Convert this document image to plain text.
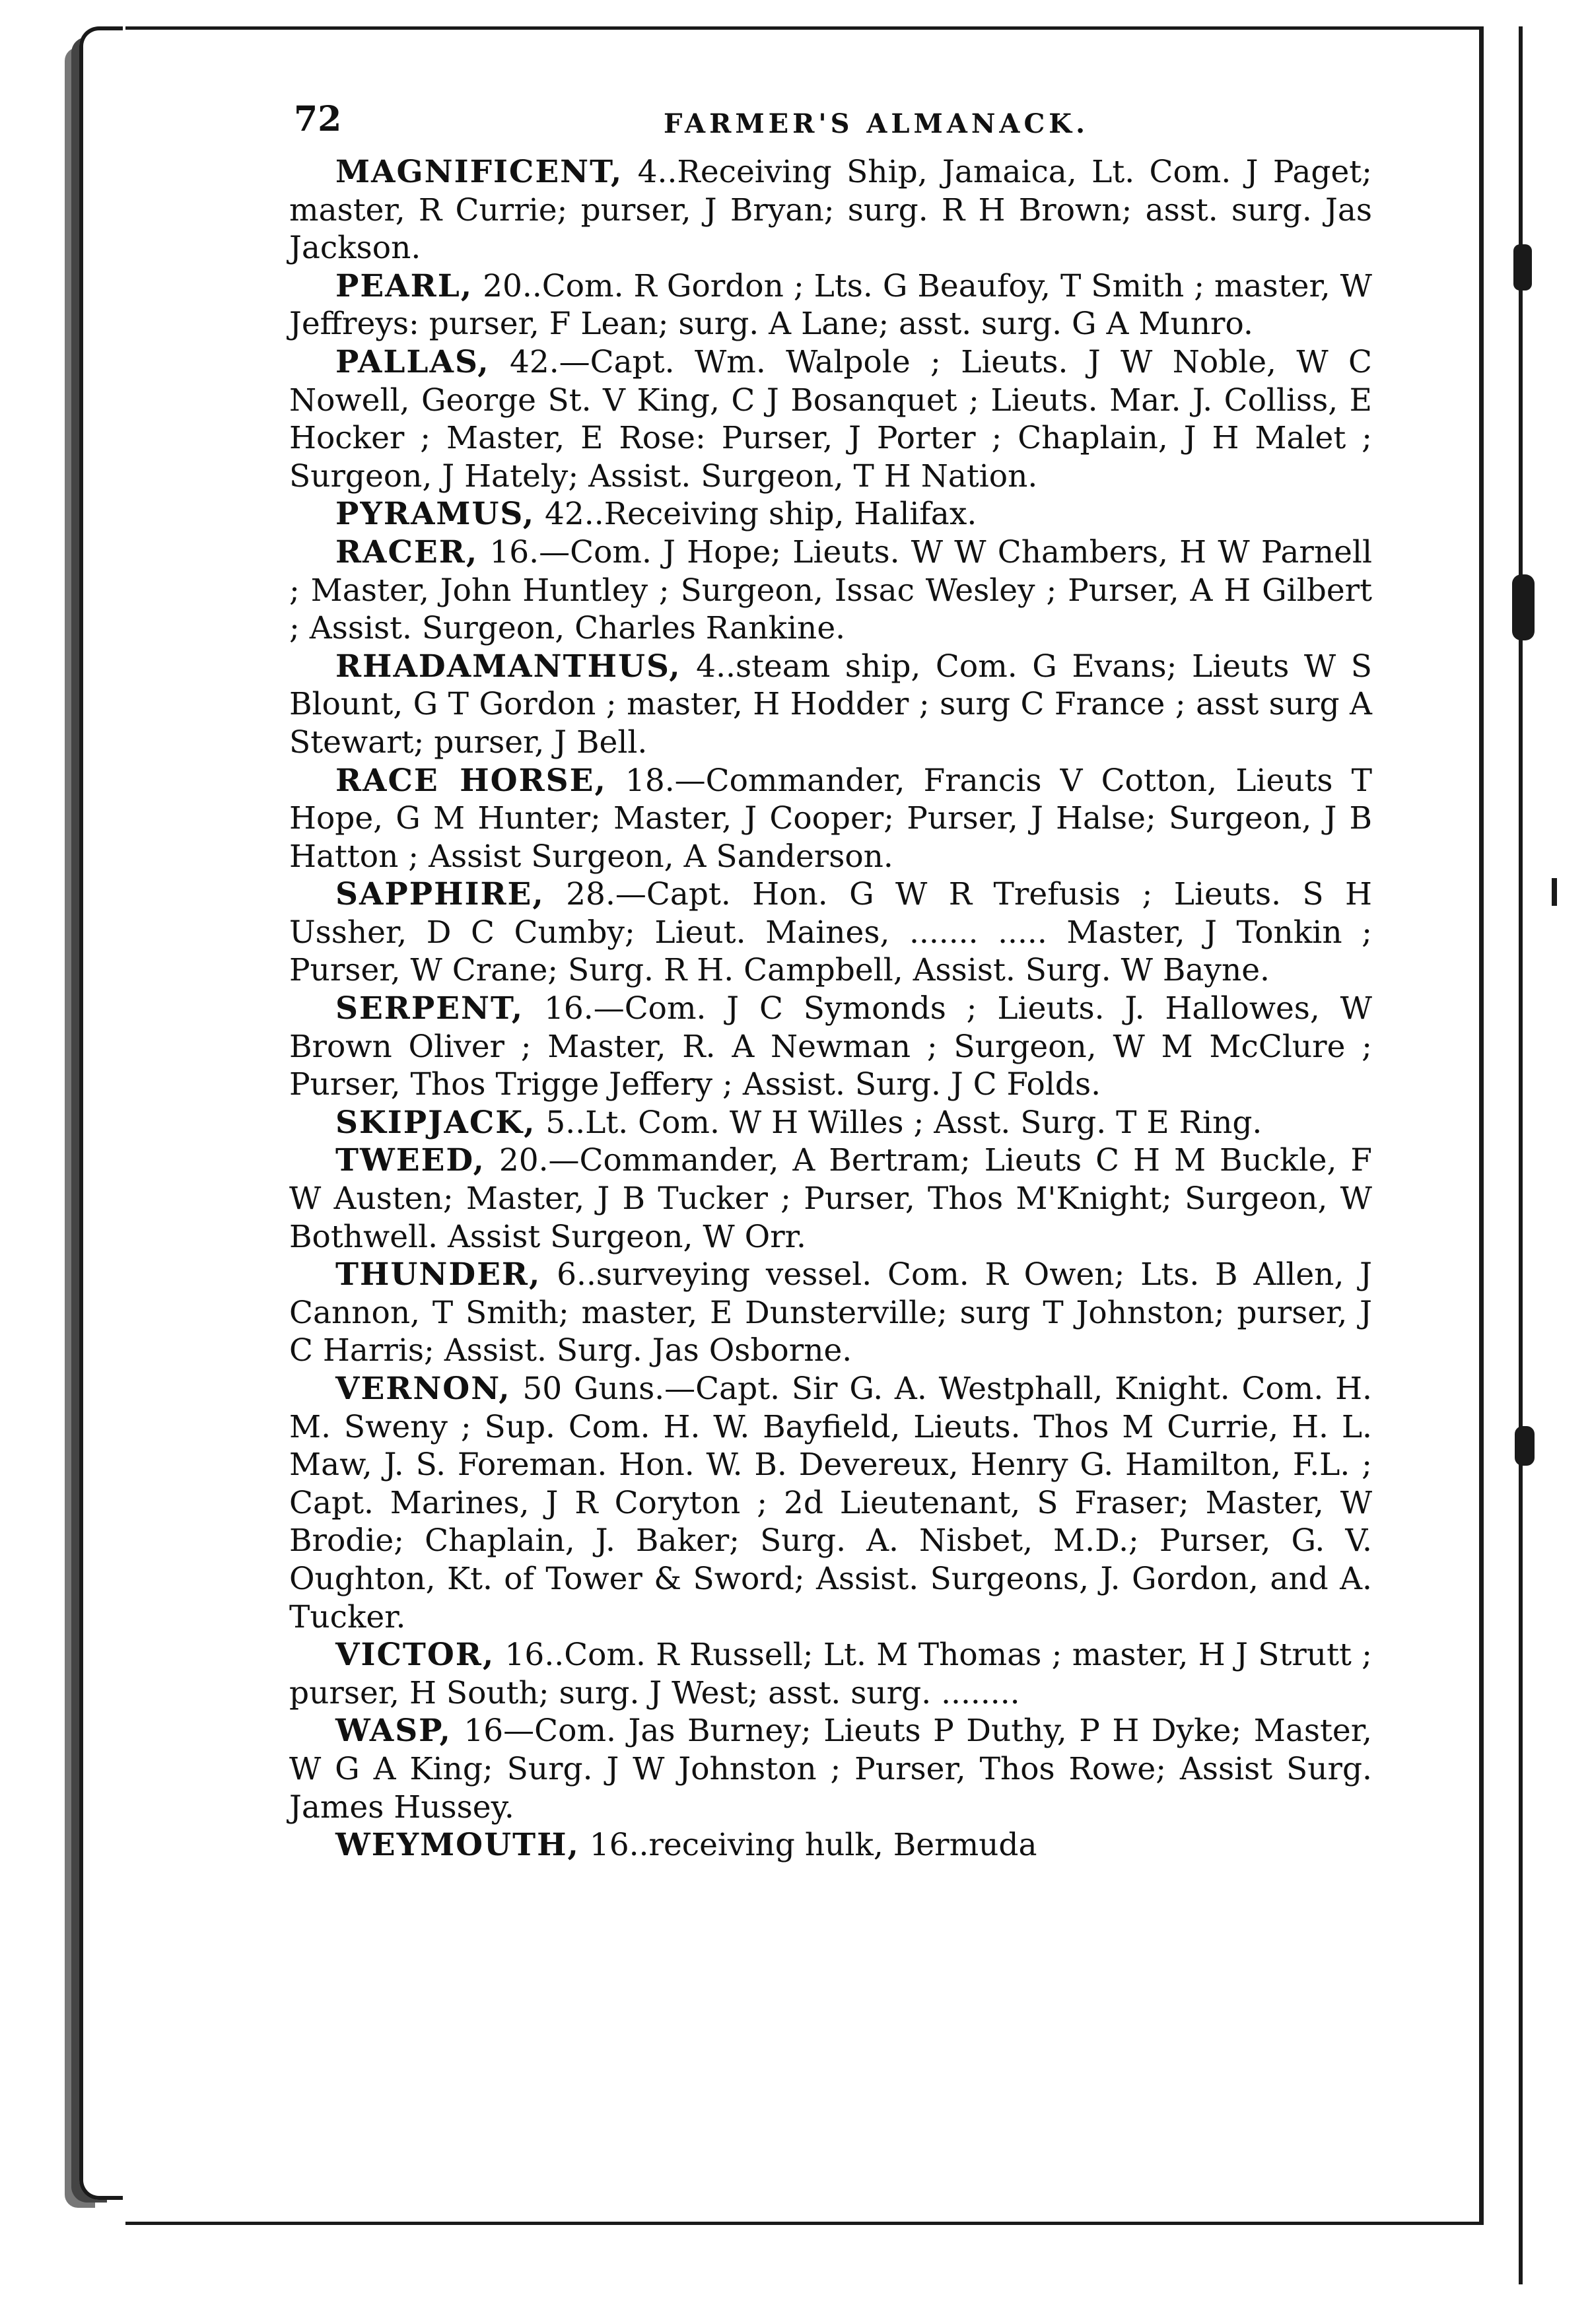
72	FARMER'S ALMANACK.

MAGNIFICENT, 4..Receiving Ship, Jamaica, Lt. Com. J Paget; master, R Currie; purser, J Bryan; surg. R H Brown; asst. surg. Jas Jackson.

PEARL, 20..Com. R Gordon ; Lts. G Beaufoy, T Smith ; master, W Jeffreys: purser, F Lean; surg. A Lane; asst. surg. G A Munro.

PALLAS, 42.—Capt. Wm. Walpole ; Lieuts. J W Noble, W C Nowell, George St. V King, C J Bosanquet ; Lieuts. Mar. J. Colliss, E Hocker ; Master, E Rose: Purser, J Porter ; Chaplain, J H Malet ; Surgeon, J Hately; Assist. Surgeon, T H Nation.

PYRAMUS, 42..Receiving ship, Halifax.

RACER, 16.—Com. J Hope; Lieuts. W W Chambers, H W Parnell ; Master, John Huntley ; Surgeon, Issac Wesley ; Purser, A H Gilbert ; Assist. Surgeon, Charles Rankine.

RHADAMANTHUS, 4..steam ship, Com. G Evans; Lieuts W S Blount, G T Gordon ; master, H Hodder ; surg C France ; asst surg A Stewart; purser, J Bell.

RACE HORSE, 18.—Commander, Francis V Cotton, Lieuts T Hope, G M Hunter; Master, J Cooper; Purser, J Halse; Surgeon, J B Hatton ; Assist Surgeon, A Sanderson.

SAPPHIRE, 28.—Capt. Hon. G W R Trefusis ; Lieuts. S H Ussher, D C Cumby; Lieut. Maines, ....... ..... Master, J Tonkin ; Purser, W Crane; Surg. R H. Campbell, Assist. Surg. W Bayne.

SERPENT, 16.—Com. J C Symonds ; Lieuts. J. Hallowes, W Brown Oliver ; Master, R. A Newman ; Surgeon, W M McClure ; Purser, Thos Trigge Jeffery ; Assist. Surg. J C Folds.

SKIPJACK, 5..Lt. Com. W H Willes ; Asst. Surg. T E Ring.

TWEED, 20.—Commander, A Bertram; Lieuts C H M Buckle, F W Austen; Master, J B Tucker ; Purser, Thos M'Knight; Surgeon, W Bothwell. Assist Surgeon, W Orr.

THUNDER, 6..surveying vessel. Com. R Owen; Lts. B Allen, J Cannon, T Smith; master, E Dunsterville; surg T Johnston; purser, J C Harris; Assist. Surg. Jas Osborne.

VERNON, 50 Guns.—Capt. Sir G. A. Westphall, Knight. Com. H. M. Sweny ; Sup. Com. H. W. Bayfield, Lieuts. Thos M Currie, H. L. Maw, J. S. Foreman. Hon. W. B. Devereux, Henry G. Hamilton, F.L. ; Capt. Marines, J R Coryton ; 2d Lieutenant, S Fraser; Master, W Brodie; Chaplain, J. Baker; Surg. A. Nisbet, M.D.; Purser, G. V. Oughton, Kt. of Tower & Sword; Assist. Surgeons, J. Gordon, and A. Tucker.

VICTOR, 16..Com. R Russell; Lt. M Thomas ; master, H J Strutt ; purser, H South; surg. J West; asst. surg. ........

WASP, 16—Com. Jas Burney; Lieuts P Duthy, P H Dyke; Master, W G A King; Surg. J W Johnston ; Purser, Thos Rowe; Assist Surg. James Hussey.

WEYMOUTH, 16..receiving hulk, Bermuda
